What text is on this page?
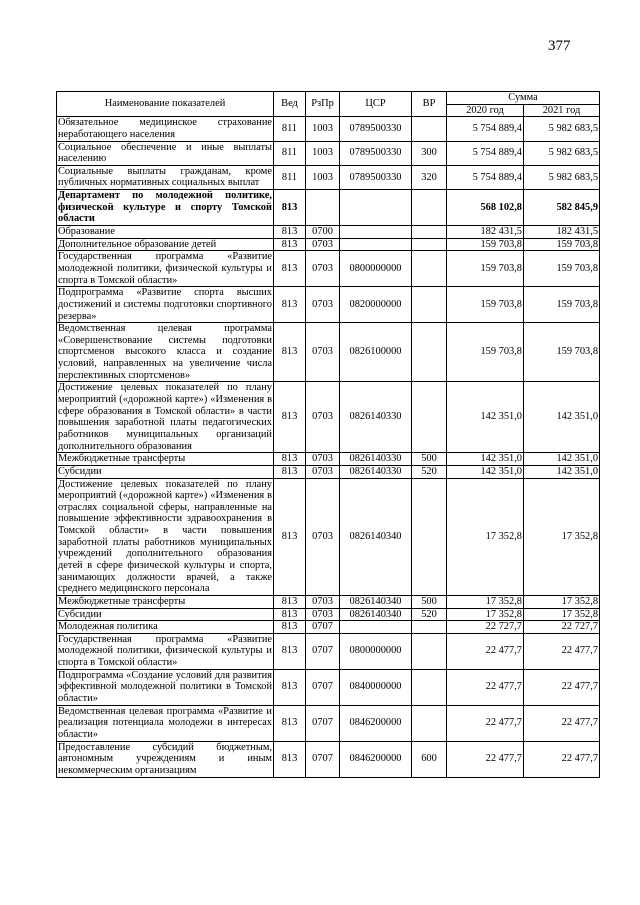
377
Наименование показателей	Вед	РзПр	ЦСР	ВР	Сумма	
					2020 год	2021 год
Обязательное медицинское страхование неработающего населения	811	1003	0789500330		5 754 889,4	5 982 683,5
Социальное обеспечение и иные выплаты населению	811	1003	0789500330	300	5 754 889,4	5 982 683,5
Социальные выплаты гражданам, кроме публичных нормативных социальных выплат	811	1003	0789500330	320	5 754 889,4	5 982 683,5
Департамент по молодежной политике, физической культуре и спорту Томской области	813				568 102,8	582 845,9
Образование	813	0700			182 431,5	182 431,5
Дополнительное образование детей	813	0703			159 703,8	159 703,8
Государственная программа «Развитие молодежной политики, физической культуры и спорта в Томской области»	813	0703	0800000000		159 703,8	159 703,8
Подпрограмма «Развитие спорта высших достижений и системы подготовки спортивного резерва»	813	0703	0820000000		159 703,8	159 703,8
Ведомственная целевая программа «Совершенствование системы подготовки спортсменов высокого класса и создание условий, направленных на увеличение числа перспективных спортсменов»	813	0703	0826100000		159 703,8	159 703,8
Достижение целевых показателей по плану мероприятий («дорожной карте») «Изменения в сфере образования в Томской области» в части повышения заработной платы педагогических работников муниципальных организаций дополнительного образования	813	0703	0826140330		142 351,0	142 351,0
Межбюджетные трансферты	813	0703	0826140330	500	142 351,0	142 351,0
Субсидии	813	0703	0826140330	520	142 351,0	142 351,0
Достижение целевых показателей по плану мероприятий («дорожной карте») «Изменения в отраслях социальной сферы, направленные на повышение эффективности здравоохранения в Томской области» в части повышения заработной платы работников муниципальных учреждений дополнительного образования детей в сфере физической культуры и спорта, занимающих должности врачей, а также среднего медицинского персонала	813	0703	0826140340		17 352,8	17 352,8
Межбюджетные трансферты	813	0703	0826140340	500	17 352,8	17 352,8
Субсидии	813	0703	0826140340	520	17 352,8	17 352,8
Молодежная политика	813	0707			22 727,7	22 727,7
Государственная программа «Развитие молодежной политики, физической культуры и спорта в Томской области»	813	0707	0800000000		22 477,7	22 477,7
Подпрограмма «Создание условий для развития эффективной молодежной политики в Томской области»	813	0707	0840000000		22 477,7	22 477,7
Ведомственная целевая программа «Развитие и реализация потенциала молодежи в интересах области»	813	0707	0846200000		22 477,7	22 477,7
Предоставление субсидий бюджетным, автономным учреждениям и иным некоммерческим организациям	813	0707	0846200000	600	22 477,7	22 477,7
